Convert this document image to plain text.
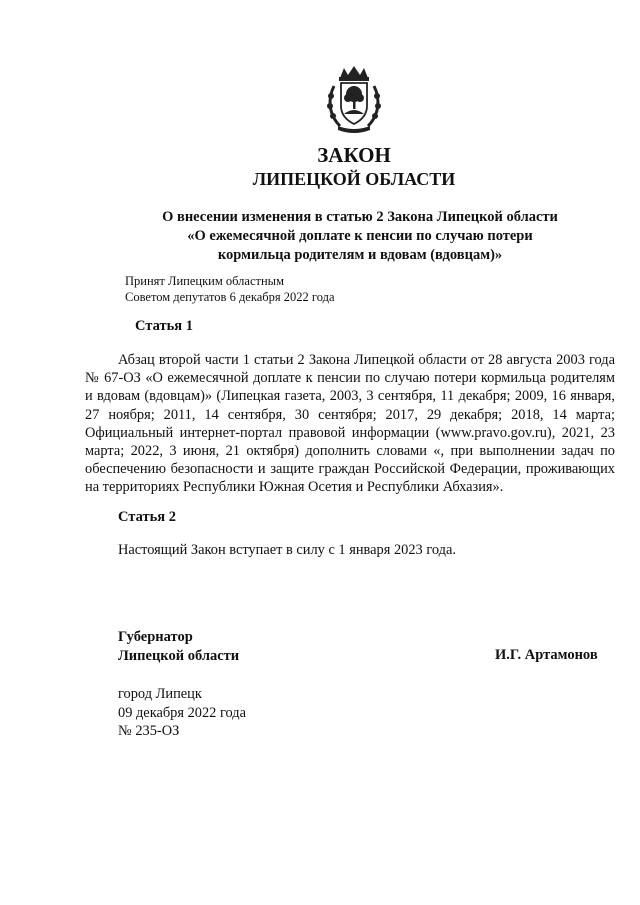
ЗАКОН
ЛИПЕЦКОЙ ОБЛАСТИ
О внесении изменения в статью 2 Закона Липецкой области
«О ежемесячной доплате к пенсии по случаю потери
кормильца родителям и вдовам (вдовцам)»
Принят Липецким областным
Советом депутатов 6 декабря 2022 года
Статья 1
Абзац второй части 1 статьи 2 Закона Липецкой области от 28 августа 2003 года № 67-ОЗ «О ежемесячной доплате к пенсии по случаю потери кормильца родителям и вдовам (вдовцам)» (Липецкая газета, 2003, 3 сентября, 11 декабря; 2009, 16 января, 27 ноября; 2011, 14 сентября, 30 сентября; 2017, 29 декабря; 2018, 14 марта; Официальный интернет-портал правовой информации (www.pravo.gov.ru), 2021, 23 марта; 2022, 3 июня, 21 октября) дополнить словами «, при выполнении задач по обеспечению безопасности и защите граждан Российской Федерации, проживающих на территориях Республики Южная Осетия и Республики Абхазия».
Статья 2
Настоящий Закон вступает в силу с 1 января 2023 года.
Губернатор
Липецкой области	И.Г. Артамонов
город Липецк
09 декабря 2022 года
№ 235-ОЗ
